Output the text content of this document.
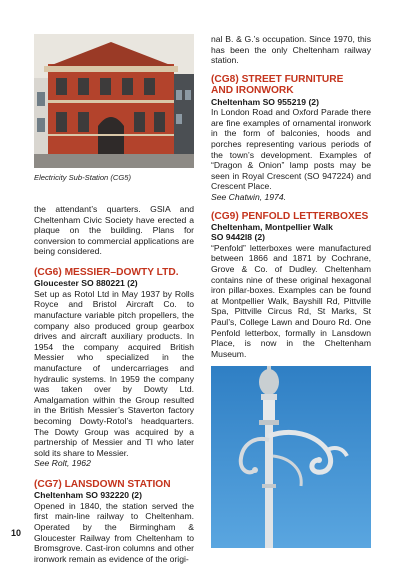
Electricity Sub-Station (CG5)

the attendant’s quarters. GSIA and Cheltenham Civic Society have erected a plaque on the building. Plans for conversion to commercial applications are being considered.

(CG6) MESSIER–DOWTY LTD.

Gloucester SO 880221 (2)

Set up as Rotol Ltd in May 1937 by Rolls Royce and Bristol Aircraft Co. to manufacture variable pitch propellers, the company also produced group gearbox drives and aircraft auxiliary products. In 1954 the company acquired British Messier who specialized in the manufacture of undercarriages and hydraulic systems. In 1959 the company was taken over by Dowty Ltd. Amalgamation within the Group resulted in the British Messier’s Staverton factory becoming Dowty-Rotol’s headquarters. The Dowty Group was acquired by a partnership of Messier and TI who later sold its share to Messier.

See Rolt, 1962

(CG7) LANSDOWN STATION

Cheltenham SO 932220 (2)

Opened in 1840, the station served the first main-line railway to Cheltenham. Operated by the Birmingham & Gloucester Railway from Cheltenham to Bromsgrove. Cast-iron columns and other ironwork remain as evidence of the origi-

10

nal B. & G.’s occupation. Since 1970, this has been the only Cheltenham railway station.

(CG8) STREET FURNITURE

AND IRONWORK

Cheltenham SO 955219 (2)

In London Road and Oxford Parade there are fine examples of ornamental ironwork in the form of balconies, hoods and porches representing various periods of the town’s development. Examples of “Dragon & Onion” lamp posts may be seen in Royal Crescent (SO 947224) and Crescent Place.

See Chatwin, 1974.

(CG9) PENFOLD LETTERBOXES

Cheltenham, Montpellier Walk

SO 9442l8 (2)

“Penfold” letterboxes were manufactured between 1866 and 1871 by Cochrane, Grove & Co. of Dudley. Cheltenham contains nine of these original hexagonal iron pillar-boxes. Examples can be found at Montpellier Walk, Bayshill Rd, Pittville Spa, Pittville Circus Rd, St Marks, St Paul’s, College Lawn and Douro Rd. One Penfold letterbox, formally in Lansdown Place, is now in the Cheltenham Museum.
